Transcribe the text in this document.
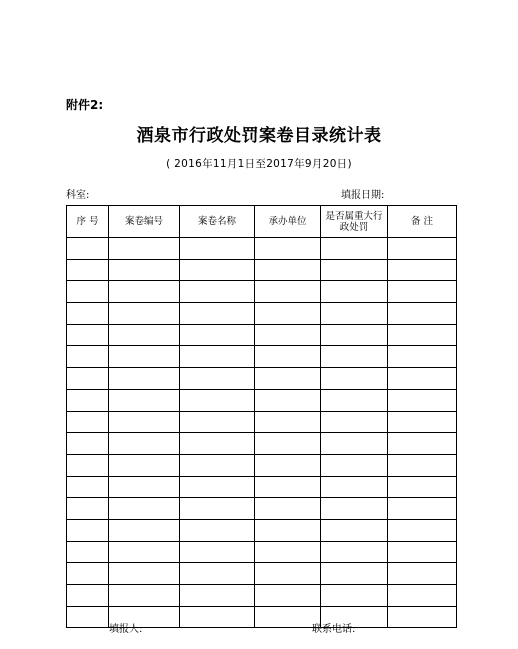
附件2:
酒泉市行政处罚案卷目录统计表
( 2016年11月1日至2017年9月20日)
科室:	填报日期:
序 号	案卷编号	案卷名称	承办单位	是否属重大行政处罚	备 注

填报人:	联系电话:
